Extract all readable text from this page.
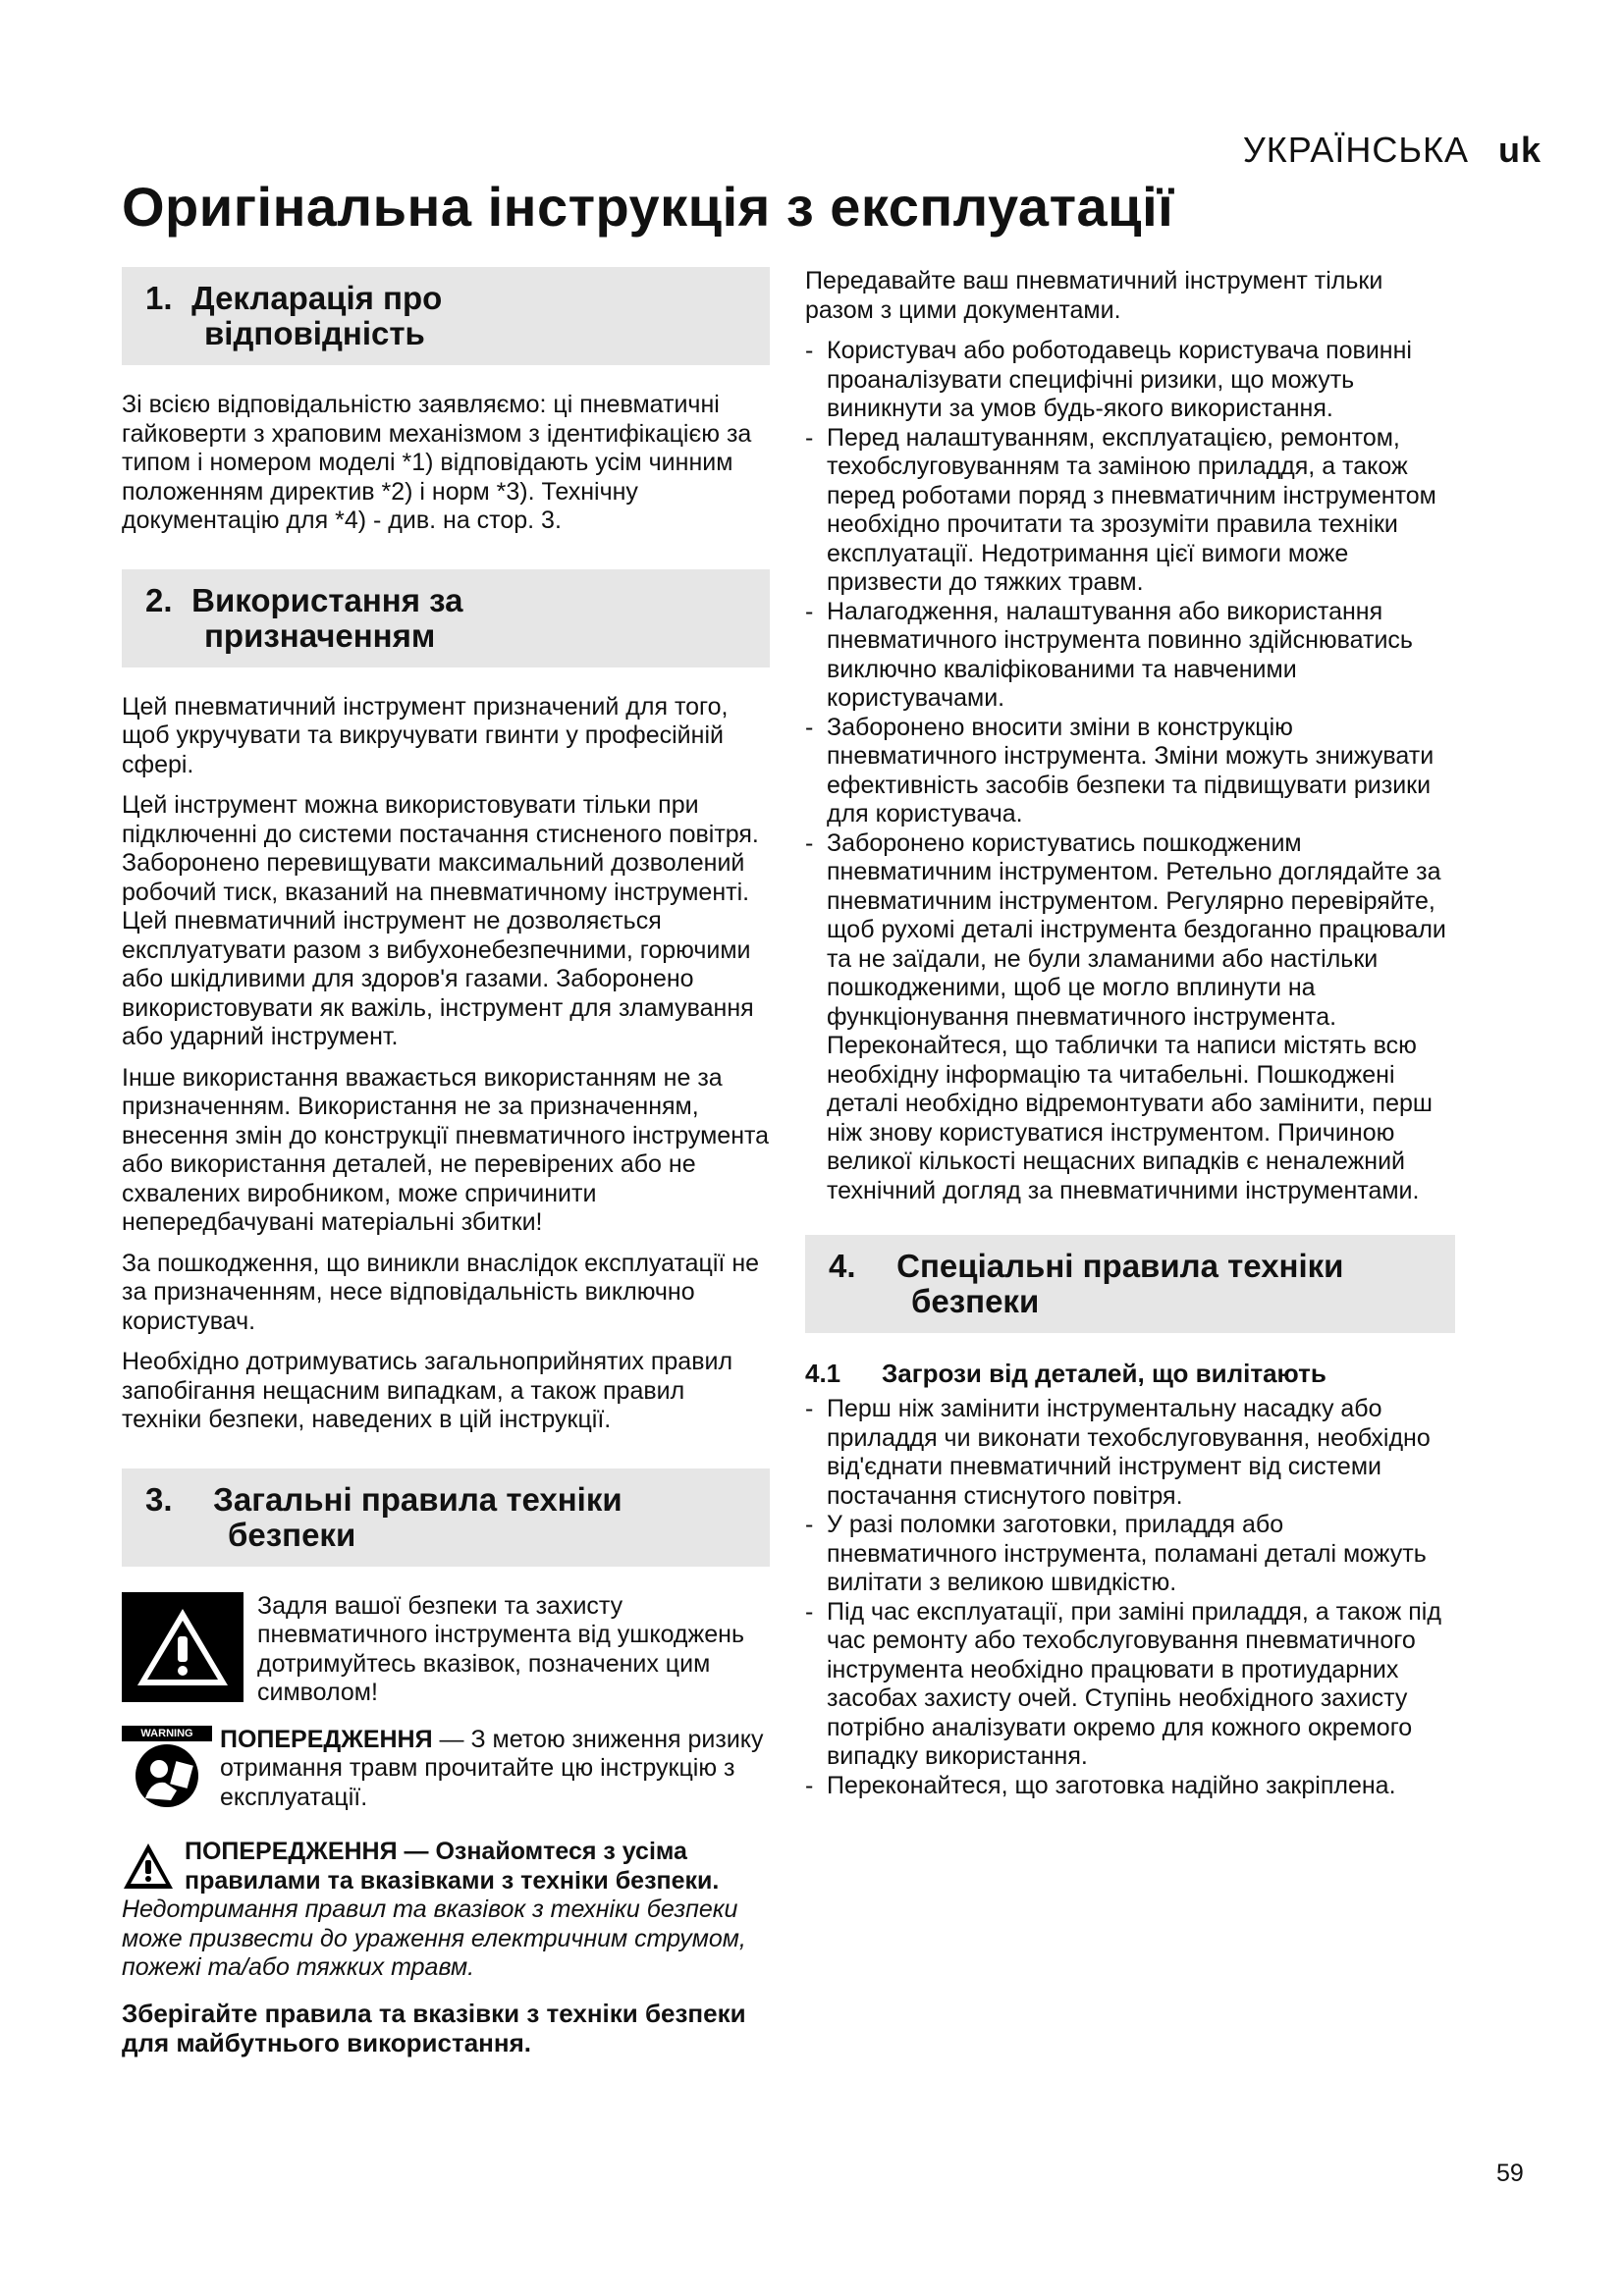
УКРАЇНСЬКА uk
Оригінальна інструкція з експлуатації
1. Декларація про
відповідність

Зі всією відповідальністю заявляємо: ці пневматичні гайковерти з храповим механізмом з ідентифікацією за типом і номером моделі *1) відповідають усім чинним положенням директив *2) і норм *3). Технічну документацію для *4) - див. на стор. 3.

2. Використання за
призначенням

Цей пневматичний інструмент призначений для того, щоб укручувати та викручувати гвинти у професійній сфері.

Цей інструмент можна використовувати тільки при підключенні до системи постачання стисненого повітря. Заборонено перевищувати максимальний дозволений робочий тиск, вказаний на пневматичному інструменті. Цей пневматичний інструмент не дозволяється експлуатувати разом з вибухонебезпечними, горючими або шкідливими для здоров'я газами. Заборонено використовувати як важіль, інструмент для зламування або ударний інструмент.

Інше використання вважається використанням не за призначенням. Використання не за призначенням, внесення змін до конструкції пневматичного інструмента або використання деталей, не перевірених або не схвалених виробником, може спричинити непередбачувані матеріальні збитки!

За пошкодження, що виникли внаслідок експлуатації не за призначенням, несе відповідальність виключно користувач.

Необхідно дотримуватись загальноприйнятих правил запобігання нещасним випадкам, а також правил техніки безпеки, наведених в цій інструкції.

3. Загальні правила техніки
безпеки

Задля вашої безпеки та захисту пневматичного інструмента від ушкоджень дотримуйтесь вказівок, позначених цим символом!

WARNING	ПОПЕРЕДЖЕННЯ — З метою зниження ризику отримання травм прочитайте цю інструкцію з експлуатації.

ПОПЕРЕДЖЕННЯ — Ознайомтеся з усіма правилами та вказівками з техніки безпеки. Недотримання правил та вказівок з техніки безпеки може призвести до ураження електричним струмом, пожежі та/або тяжких травм.
Зберігайте правила та вказівки з техніки безпеки для майбутнього використання.

Передавайте ваш пневматичний інструмент тільки разом з цими документами.

- Користувач або роботодавець користувача повинні проаналізувати специфічні ризики, що можуть виникнути за умов будь-якого використання.
- Перед налаштуванням, експлуатацією, ремонтом, техобслуговуванням та заміною приладдя, а також перед роботами поряд з пневматичним інструментом необхідно прочитати та зрозуміти правила техніки експлуатації. Недотримання цієї вимоги може призвести до тяжких травм.
- Налагодження, налаштування або використання пневматичного інструмента повинно здійснюватись виключно кваліфікованими та навченими користувачами.
- Заборонено вносити зміни в конструкцію пневматичного інструмента. Зміни можуть знижувати ефективність засобів безпеки та підвищувати ризики для користувача.
- Заборонено користуватись пошкодженим пневматичним інструментом. Ретельно доглядайте за пневматичним інструментом. Регулярно перевіряйте, щоб рухомі деталі інструмента бездоганно працювали та не заїдали, не були зламаними або настільки пошкодженими, щоб це могло вплинути на функціонування пневматичного інструмента. Переконайтеся, що таблички та написи містять всю необхідну інформацію та читабельні. Пошкоджені деталі необхідно відремонтувати або замінити, перш ніж знову користуватися інструментом. Причиною великої кількості нещасних випадків є неналежний технічний догляд за пневматичними інструментами.
4. Спеціальні правила техніки
безпеки
4.1 Загрози від деталей, що вилітають
- Перш ніж замінити інструментальну насадку або приладдя чи виконати техобслуговування, необхідно від'єднати пневматичний інструмент від системи постачання стиснутого повітря.
- У разі поломки заготовки, приладдя або пневматичного інструмента, поламані деталі можуть вилітати з великою швидкістю.
- Під час експлуатації, при заміні приладдя, а також під час ремонту або техобслуговування пневматичного інструмента необхідно працювати в протиударних засобах захисту очей. Ступінь необхідного захисту потрібно аналізувати окремо для кожного окремого випадку використання.
- Переконайтеся, що заготовка надійно закріплена.
59
